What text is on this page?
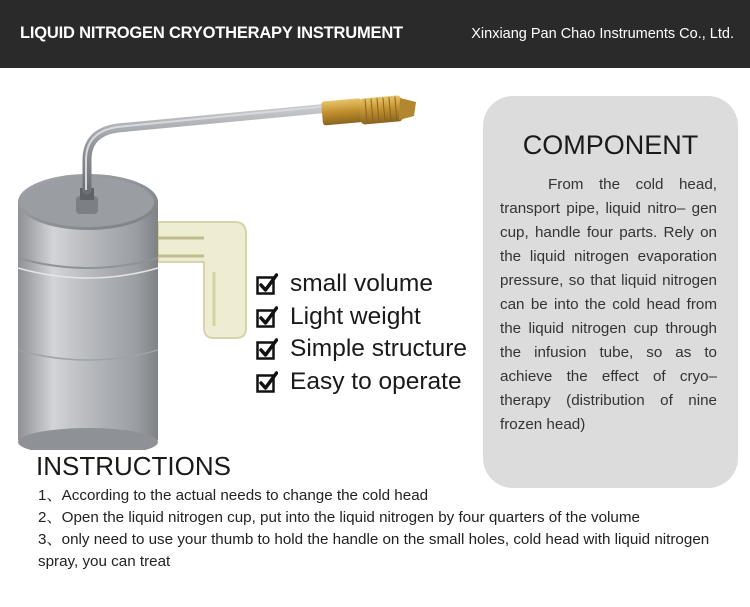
LIQUID NITROGEN CRYOTHERAPY INSTRUMENT	Xinxiang Pan Chao Instruments Co., Ltd.
small volume
Light weight
Simple structure
Easy to operate
COMPONENT
From the cold head, transport pipe, liquid nitro– gen cup, handle four parts. Rely on the liquid nitrogen evaporation pressure, so that liquid nitrogen can be into the cold head from the liquid nitrogen cup through the infusion tube, so as to achieve the effect of cryo– therapy (distribution of nine frozen head)
INSTRUCTIONS
1、According to the actual needs to change the cold head
2、Open the liquid nitrogen cup, put into the liquid nitrogen by four quarters of the volume
3、only need to use your thumb to hold the handle on the small holes, cold head with liquid nitrogen spray, you can treat
